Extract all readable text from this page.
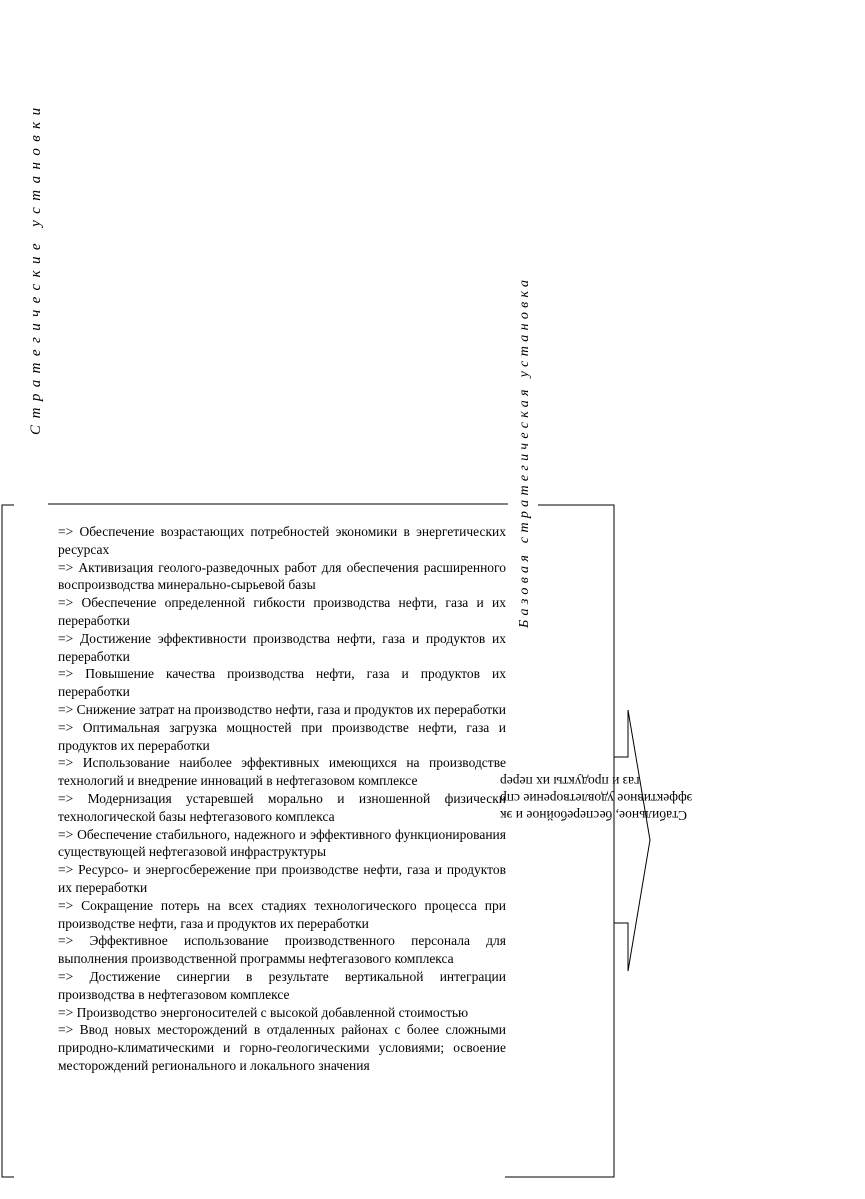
Стратегические установки
Базовая стратегическая установка
Стабильное, бесперебойное и эк
эффективное удовлетворение спр
газ и продукты их перер

=> Обеспечение возрастающих потребностей экономики в энергетических ресурсах

=> Активизация геолого-разведочных работ для обеспечения расширенного воспроизводства минерально-сырьевой базы

=> Обеспечение определенной гибкости производства нефти, газа и их переработки

=> Достижение эффективности производства нефти, газа и продуктов их переработки

=> Повышение качества производства нефти, газа и продуктов их переработки

=> Снижение затрат на производство нефти, газа и продуктов их переработки

=> Оптимальная загрузка мощностей при производстве нефти, газа и продуктов их переработки

=> Использование наиболее эффективных имеющихся на производстве технологий и внедрение инноваций в нефтегазовом комплексе

=> Модернизация устаревшей морально и изношенной физически технологической базы нефтегазового комплекса

=> Обеспечение стабильного, надежного и эффективного функционирования существующей нефтегазовой инфраструктуры

=> Ресурсо- и энергосбережение при производстве нефти, газа и продуктов их переработки

=> Сокращение потерь на всех стадиях технологического процесса при производстве нефти, газа и продуктов их переработки

=> Эффективное использование производственного персонала для выполнения производственной программы нефтегазового комплекса

=> Достижение синергии в результате вертикальной интеграции производства в нефтегазовом комплексе

=> Производство энергоносителей с высокой добавленной стоимостью

=> Ввод новых месторождений в отдаленных районах с более сложными природно-климатическими и горно-геологическими условиями; освоение месторождений регионального и локального значения
